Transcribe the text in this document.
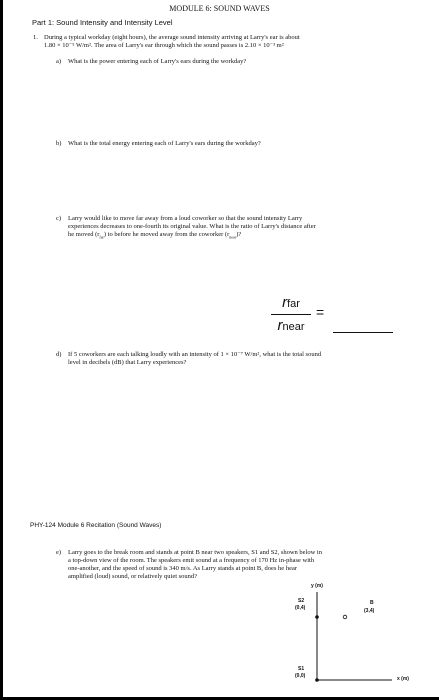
MODULE 6: SOUND WAVES
Part 1: Sound Intensity and Intensity Level
1. During a typical workday (eight hours), the average sound intensity arriving at Larry's ear is about
1.80 × 10⁻⁵ W/m². The area of Larry's ear through which the sound passes is 2.10 × 10⁻³ m²
a) What is the power entering each of Larry's ears during the workday?
b) What is the total energy entering each of Larry's ears during the workday?
c) Larry would like to move far away from a loud coworker so that the sound intensity Larry
experiences decreases to one-fourth its original value. What is the ratio of Larry's distance after
he moved $(r_{far})$ to before he moved away from the coworker $(r_{near})$?
rfar
rnear
=
d) If 5 coworkers are each talking loudly with an intensity of 1 × 10⁻⁷ W/m², what is the total sound
level in decibels (dB) that Larry experiences?
PHY-124 Module 6 Recitation (Sound Waves)
e) Larry goes to the break room and stands at point B near two speakers, S1 and S2, shown below in
a top-down view of the room. The speakers emit sound at a frequency of 170 Hz in-phase with
one-another, and the speed of sound is 340 m/s. As Larry stands at point B, does he hear
amplified (loud) sound, or relatively quiet sound?
y (m)
x (m)
S2
(0,4)
S1
(0,0)
B
(3,4)
